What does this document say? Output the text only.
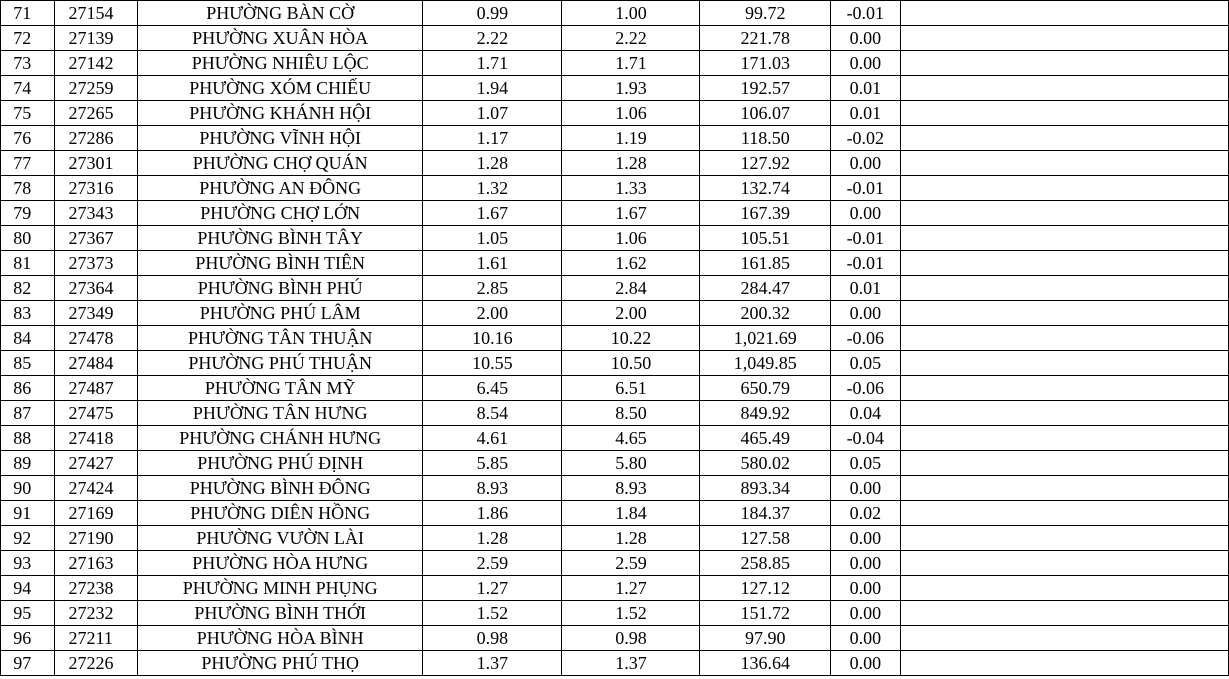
71	27154	PHƯỜNG BÀN CỜ	0.99	1.00	99.72	-0.01	
72	27139	PHƯỜNG XUÂN HÒA	2.22	2.22	221.78	0.00	
73	27142	PHƯỜNG NHIÊU LỘC	1.71	1.71	171.03	0.00	
74	27259	PHƯỜNG XÓM CHIẾU	1.94	1.93	192.57	0.01	
75	27265	PHƯỜNG KHÁNH HỘI	1.07	1.06	106.07	0.01	
76	27286	PHƯỜNG VĨNH HỘI	1.17	1.19	118.50	-0.02	
77	27301	PHƯỜNG CHỢ QUÁN	1.28	1.28	127.92	0.00	
78	27316	PHƯỜNG AN ĐÔNG	1.32	1.33	132.74	-0.01	
79	27343	PHƯỜNG CHỢ LỚN	1.67	1.67	167.39	0.00	
80	27367	PHƯỜNG BÌNH TÂY	1.05	1.06	105.51	-0.01	
81	27373	PHƯỜNG BÌNH TIÊN	1.61	1.62	161.85	-0.01	
82	27364	PHƯỜNG BÌNH PHÚ	2.85	2.84	284.47	0.01	
83	27349	PHƯỜNG PHÚ LÂM	2.00	2.00	200.32	0.00	
84	27478	PHƯỜNG TÂN THUẬN	10.16	10.22	1,021.69	-0.06	
85	27484	PHƯỜNG PHÚ THUẬN	10.55	10.50	1,049.85	0.05	
86	27487	PHƯỜNG TÂN MỸ	6.45	6.51	650.79	-0.06	
87	27475	PHƯỜNG TÂN HƯNG	8.54	8.50	849.92	0.04	
88	27418	PHƯỜNG CHÁNH HƯNG	4.61	4.65	465.49	-0.04	
89	27427	PHƯỜNG PHÚ ĐỊNH	5.85	5.80	580.02	0.05	
90	27424	PHƯỜNG BÌNH ĐÔNG	8.93	8.93	893.34	0.00	
91	27169	PHƯỜNG DIÊN HỒNG	1.86	1.84	184.37	0.02	
92	27190	PHƯỜNG VƯỜN LÀI	1.28	1.28	127.58	0.00	
93	27163	PHƯỜNG HÒA HƯNG	2.59	2.59	258.85	0.00	
94	27238	PHƯỜNG MINH PHỤNG	1.27	1.27	127.12	0.00	
95	27232	PHƯỜNG BÌNH THỚI	1.52	1.52	151.72	0.00	
96	27211	PHƯỜNG HÒA BÌNH	0.98	0.98	97.90	0.00	
97	27226	PHƯỜNG PHÚ THỌ	1.37	1.37	136.64	0.00	
